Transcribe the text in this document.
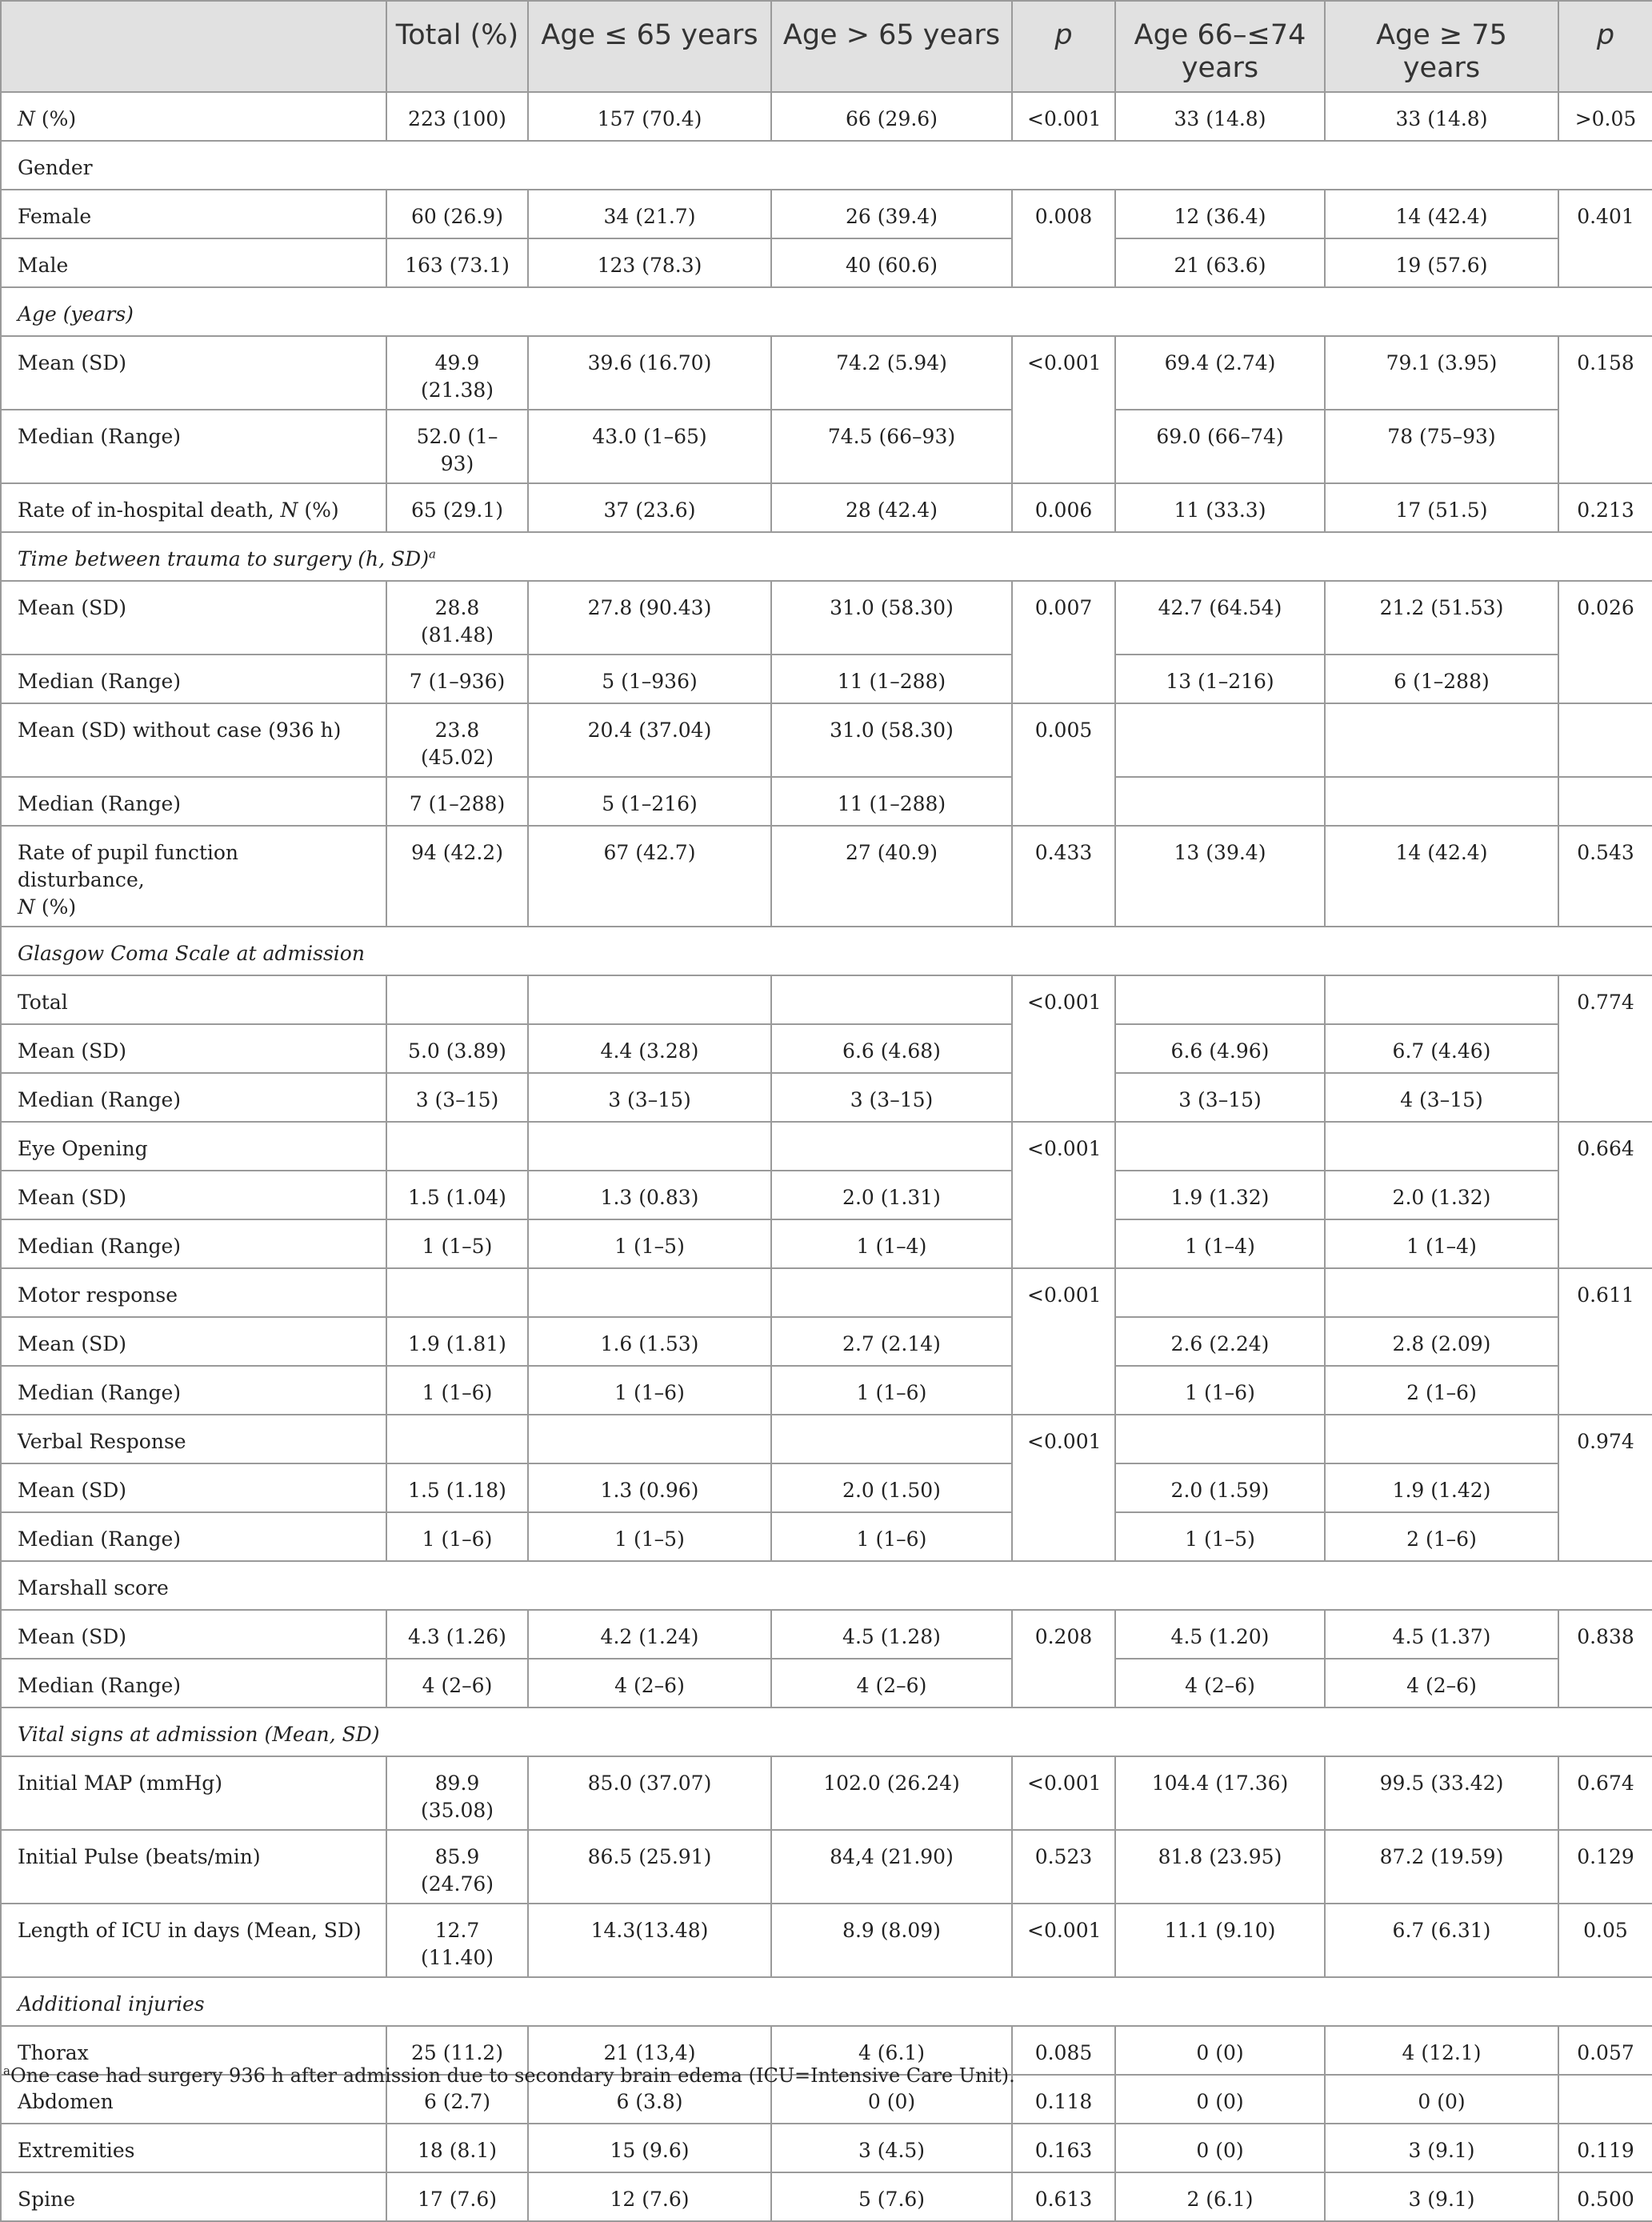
	Total (%)	Age ≤ 65 years	Age > 65 years	p	Age 66–≤74 years	Age ≥ 75 years	p
N (%)	223 (100)	157 (70.4)	66 (29.6)	<0.001	33 (14.8)	33 (14.8)	>0.05
Gender							
Female	60 (26.9)	34 (21.7)	26 (39.4)	0.008	12 (36.4)	14 (42.4)	0.401
Male	163 (73.1)	123 (78.3)	40 (60.6)		21 (63.6)	19 (57.6)	
Age (years)							
Mean (SD)	49.9 (21.38)	39.6 (16.70)	74.2 (5.94)	<0.001	69.4 (2.74)	79.1 (3.95)	0.158
Median (Range)	52.0 (1–93)	43.0 (1–65)	74.5 (66–93)		69.0 (66–74)	78 (75–93)	
Rate of in-hospital death, N (%)	65 (29.1)	37 (23.6)	28 (42.4)	0.006	11 (33.3)	17 (51.5)	0.213
Time between trauma to surgery (h, SD)$^a$
Mean (SD)	28.8 (81.48)	27.8 (90.43)	31.0 (58.30)	0.007	42.7 (64.54)	21.2 (51.53)	0.026
Median (Range)	7 (1–936)	5 (1–936)	11 (1–288)		13 (1–216)	6 (1–288)	
Mean (SD) without case (936 h)	23.8 (45.02)	20.4 (37.04)	31.0 (58.30)	0.005			
Median (Range)	7 (1–288)	5 (1–216)	11 (1–288)				
Rate of pupil function disturbance,
N (%)	94 (42.2)	67 (42.7)	27 (40.9)	0.433	13 (39.4)	14 (42.4)	0.543
Glasgow Coma Scale at admission							
Total				<0.001			0.774
Mean (SD)	5.0 (3.89)	4.4 (3.28)	6.6 (4.68)		6.6 (4.96)	6.7 (4.46)	
Median (Range)	3 (3–15)	3 (3–15)	3 (3–15)		3 (3–15)	4 (3–15)	
Eye Opening				<0.001			0.664
Mean (SD)	1.5 (1.04)	1.3 (0.83)	2.0 (1.31)		1.9 (1.32)	2.0 (1.32)	
Median (Range)	1 (1–5)	1 (1–5)	1 (1–4)		1 (1–4)	1 (1–4)	
Motor response				<0.001			0.611
Mean (SD)	1.9 (1.81)	1.6 (1.53)	2.7 (2.14)		2.6 (2.24)	2.8 (2.09)	
Median (Range)	1 (1–6)	1 (1–6)	1 (1–6)		1 (1–6)	2 (1–6)	
Verbal Response				<0.001			0.974
Mean (SD)	1.5 (1.18)	1.3 (0.96)	2.0 (1.50)		2.0 (1.59)	1.9 (1.42)	
Median (Range)	1 (1–6)	1 (1–5)	1 (1–6)		1 (1–5)	2 (1–6)	
Marshall score							
Mean (SD)	4.3 (1.26)	4.2 (1.24)	4.5 (1.28)	0.208	4.5 (1.20)	4.5 (1.37)	0.838
Median (Range)	4 (2–6)	4 (2–6)	4 (2–6)		4 (2–6)	4 (2–6)	
Vital signs at admission (Mean, SD)							
Initial MAP (mmHg)	89.9 (35.08)	85.0 (37.07)	102.0 (26.24)	<0.001	104.4 (17.36)	99.5 (33.42)	0.674
Initial Pulse (beats/min)	85.9 (24.76)	86.5 (25.91)	84,4 (21.90)	0.523	81.8 (23.95)	87.2 (19.59)	0.129
Length of ICU in days (Mean, SD)	12.7 (11.40)	14.3(13.48)	8.9 (8.09)	<0.001	11.1 (9.10)	6.7 (6.31)	0.05
Additional injuries							
Thorax	25 (11.2)	21 (13,4)	4 (6.1)	0.085	0 (0)	4 (12.1)	0.057
Abdomen	6 (2.7)	6 (3.8)	0 (0)	0.118	0 (0)	0 (0)	
Extremities	18 (8.1)	15 (9.6)	3 (4.5)	0.163	0 (0)	3 (9.1)	0.119
Spine	17 (7.6)	12 (7.6)	5 (7.6)	0.613	2 (6.1)	3 (9.1)	0.500

$^a$One case had surgery 936 h after admission due to secondary brain edema (ICU=Intensive Care Unit).
